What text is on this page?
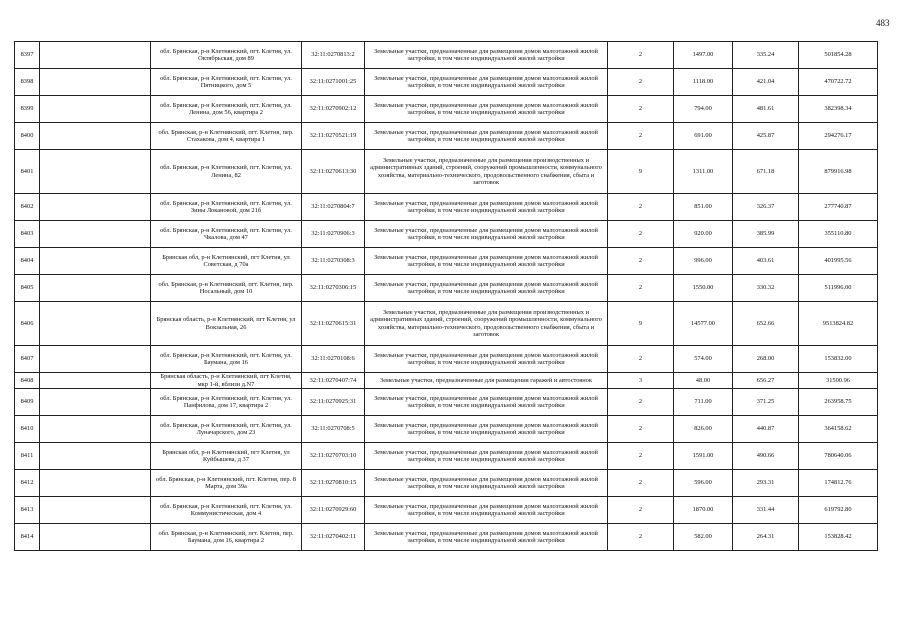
483
8397		обл. Брянская, р-н Клетнянский, пгт. Клетня, ул. Октябрьская, дом 89	32:11:0270813:2	Земельные участки, предназначенные для размещения домов малоэтажной жилой застройки, в том числе индивидуальной жилой застройки	2	1497.00	335.24	501854.28
8398		обл. Брянская, р-н Клетнянский, пгт. Клетня, ул. Пятницкого, дом 5	32:11:0271001:25	Земельные участки, предназначенные для размещения домов малоэтажной жилой застройки, в том числе индивидуальной жилой застройки	2	1118.00	421.04	470722.72
8399		обл. Брянская, р-н Клетнянский, пгт. Клетня, ул. Ленина, дом 56, квартира 2	32:11:0270902:12	Земельные участки, предназначенные для размещения домов малоэтажной жилой застройки, в том числе индивидуальной жилой застройки	2	794.00	481.61	382398.34
8400		обл. Брянская, р-н Клетнянский, пгт. Клетня, пер. Стахакова, дом 4, квартира 1	32:11:0270521:19	Земельные участки, предназначенные для размещения домов малоэтажной жилой застройки, в том числе индивидуальной жилой застройки	2	691.00	425.87	294276.17
8401		обл. Брянская, р-н Клетнянский, пгт. Клетня, ул. Ленина, 82	32:11:0270613:30	Земельные участки, предназначенные для размещения производственных и административных зданий, строений, сооружений промышленности, коммунального хозяйства, материально-технического, продовольственного снабжения, сбыта и заготовок	9	1311.00	671.18	879916.98
8402		обл. Брянская, р-н Клетнянский, пгт. Клетня, ул. Зины Локановой, дом 21б	32:11:0270804:7	Земельные участки, предназначенные для размещения домов малоэтажной жилой застройки, в том числе индивидуальной жилой застройки	2	851.00	326.37	277740.87
8403		обл. Брянская, р-н Клетнянский, пгт. Клетня, ул. Чкалова, дом 47	32:11:0270906:3	Земельные участки, предназначенные для размещения домов малоэтажной жилой застройки, в том числе индивидуальной жилой застройки	2	920.00	385.99	355110.80
8404		Брянская обл, р-н Клетнянский, пгт Клетня, ул Советская, д 70а	32:11:0270308:3	Земельные участки, предназначенные для размещения домов малоэтажной жилой застройки, в том числе индивидуальной жилой застройки	2	996.00	403.61	401995.56
8405		обл. Брянская, р-н Клетнянский, пгт. Клетня, пер. Носальный, дом 10	32:11:0270306:15	Земельные участки, предназначенные для размещения домов малоэтажной жилой застройки, в том числе индивидуальной жилой застройки	2	1550.00	330.32	511996.00
8406		Брянская область, р-н Клетнянский, пгт Клетня, ул Вокзальная, 26	32:11:0270615:31	Земельные участки, предназначенные для размещения производственных и административных зданий, строений, сооружений промышленности, коммунального хозяйства, материально-технического, продовольственного снабжения, сбыта и заготовок	9	14577.00	652.66	9513824.82
8407		обл. Брянская, р-н Клетнянский, пгт. Клетня, ул. Баумана, дом 16	32:11:0270108:6	Земельные участки, предназначенные для размещения домов малоэтажной жилой застройки, в том числе индивидуальной жилой застройки	2	574.00	268.00	153832.00
8408		Брянская область, р-н Клетнянский, пгт Клетня, мкр 1-й, вблизи д.N7	32:11:0270407:74	Земельные участки, предназначенные для размещения гаражей и автостоянок	3	48.00	656.27	31500.96
8409		обл. Брянская, р-н Клетнянский, пгт. Клетня, ул. Панфилова, дом 17, квартира 2	32:11:0270925:31	Земельные участки, предназначенные для размещения домов малоэтажной жилой застройки, в том числе индивидуальной жилой застройки	2	711.00	371.25	263958.75
8410		обл. Брянская, р-н Клетнянский, пгт. Клетня, ул. Луначарского, дом 23	32:11:0270708:5	Земельные участки, предназначенные для размещения домов малоэтажной жилой застройки, в том числе индивидуальной жилой застройки	2	826.00	440.87	364158.62
8411		Брянская обл, р-н Клетнянский, пгт Клетня, ул Куйбышева, д 37	32:11:0270703:10	Земельные участки, предназначенные для размещения домов малоэтажной жилой застройки, в том числе индивидуальной жилой застройки	2	1591.00	490.66	780640.06
8412		обл. Брянская, р-н Клетнянский, пгт. Клетня, пер. 8 Марта, дом 39а	32:11:0270810:15	Земельные участки, предназначенные для размещения домов малоэтажной жилой застройки, в том числе индивидуальной жилой застройки	2	596.00	293.31	174812.76
8413		обл. Брянская, р-н Клетнянский, пгт. Клетня, ул. Коммунистическая, дом 4	32:11:0270929:60	Земельные участки, предназначенные для размещения домов малоэтажной жилой застройки, в том числе индивидуальной жилой застройки	2	1870.00	331.44	619792.80
8414		обл. Брянская, р-н Клетнянский, пгт. Клетня, пер. Баумана, дом 16, квартира 2	32:11:0270402:11	Земельные участки, предназначенные для размещения домов малоэтажной жилой застройки, в том числе индивидуальной жилой застройки	2	582.00	264.31	153828.42
